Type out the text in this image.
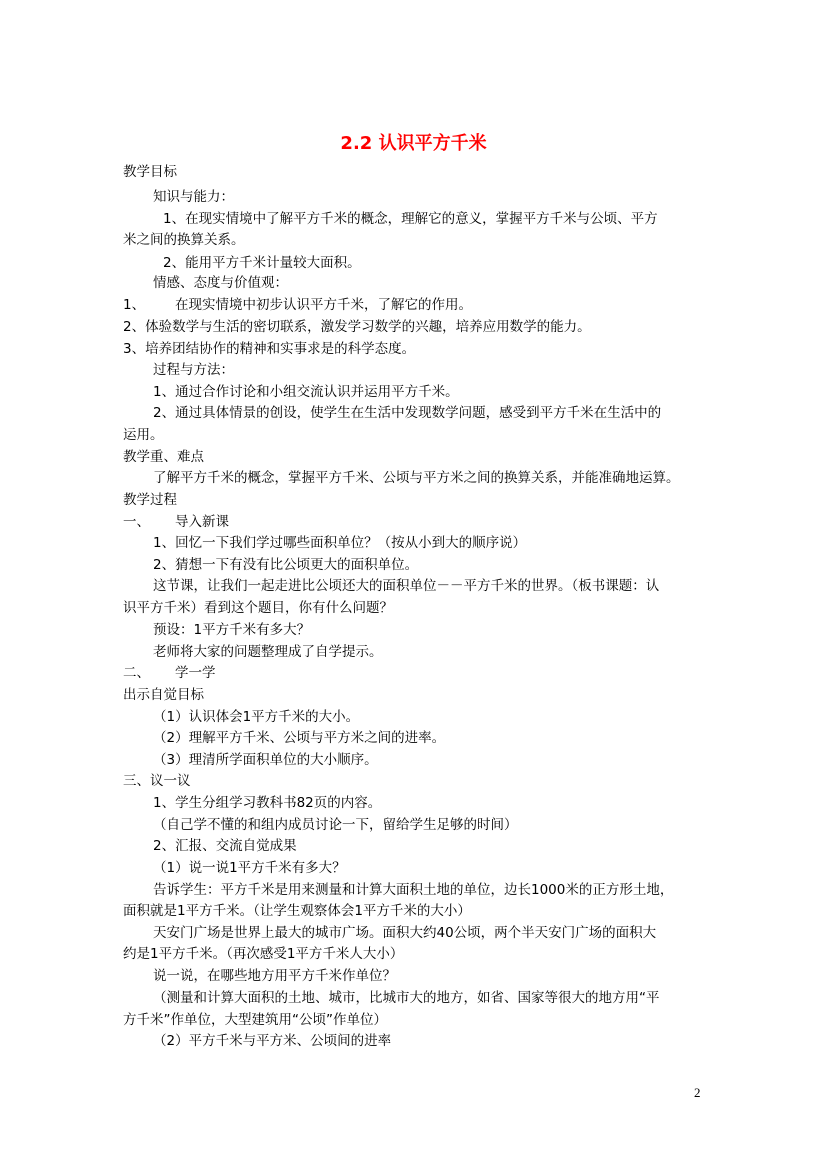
2.2 认识平方千米
教学目标
知识与能力：
1、在现实情境中了解平方千米的概念，理解它的意义，掌握平方千米与公顷、平方
米之间的换算关系。
2、能用平方千米计量较大面积。
情感、态度与价值观：
1、 在现实情境中初步认识平方千米，了解它的作用。
2、体验数学与生活的密切联系，激发学习数学的兴趣，培养应用数学的能力。
3、培养团结协作的精神和实事求是的科学态度。
过程与方法：
1、通过合作讨论和小组交流认识并运用平方千米。
2、通过具体情景的创设，使学生在生活中发现数学问题，感受到平方千米在生活中的
运用。
教学重、难点
了解平方千米的概念，掌握平方千米、公顷与平方米之间的换算关系，并能准确地运算。
教学过程
一、 导入新课
1、回忆一下我们学过哪些面积单位？（按从小到大的顺序说）
2、猜想一下有没有比公顷更大的面积单位。
这节课，让我们一起走进比公顷还大的面积单位－－平方千米的世界。（板书课题：认
识平方千米）看到这个题目，你有什么问题？
预设：1平方千米有多大？
老师将大家的问题整理成了自学提示。
二、 学一学
出示自觉目标
（1）认识体会1平方千米的大小。
（2）理解平方千米、公顷与平方米之间的进率。
（3）理清所学面积单位的大小顺序。
三、议一议
1、学生分组学习教科书82页的内容。
（自己学不懂的和组内成员讨论一下，留给学生足够的时间）
2、汇报、交流自觉成果
（1）说一说1平方千米有多大？
告诉学生：平方千米是用来测量和计算大面积土地的单位，边长1000米的正方形土地，
面积就是1平方千米。（让学生观察体会1平方千米的大小）
天安门广场是世界上最大的城市广场。面积大约40公顷，两个半天安门广场的面积大
约是1平方千米。（再次感受1平方千米人大小）
说一说，在哪些地方用平方千米作单位？
（测量和计算大面积的土地、城市，比城市大的地方，如省、国家等很大的地方用“平
方千米”作单位，大型建筑用“公顷”作单位）
（2）平方千米与平方米、公顷间的进率
2
